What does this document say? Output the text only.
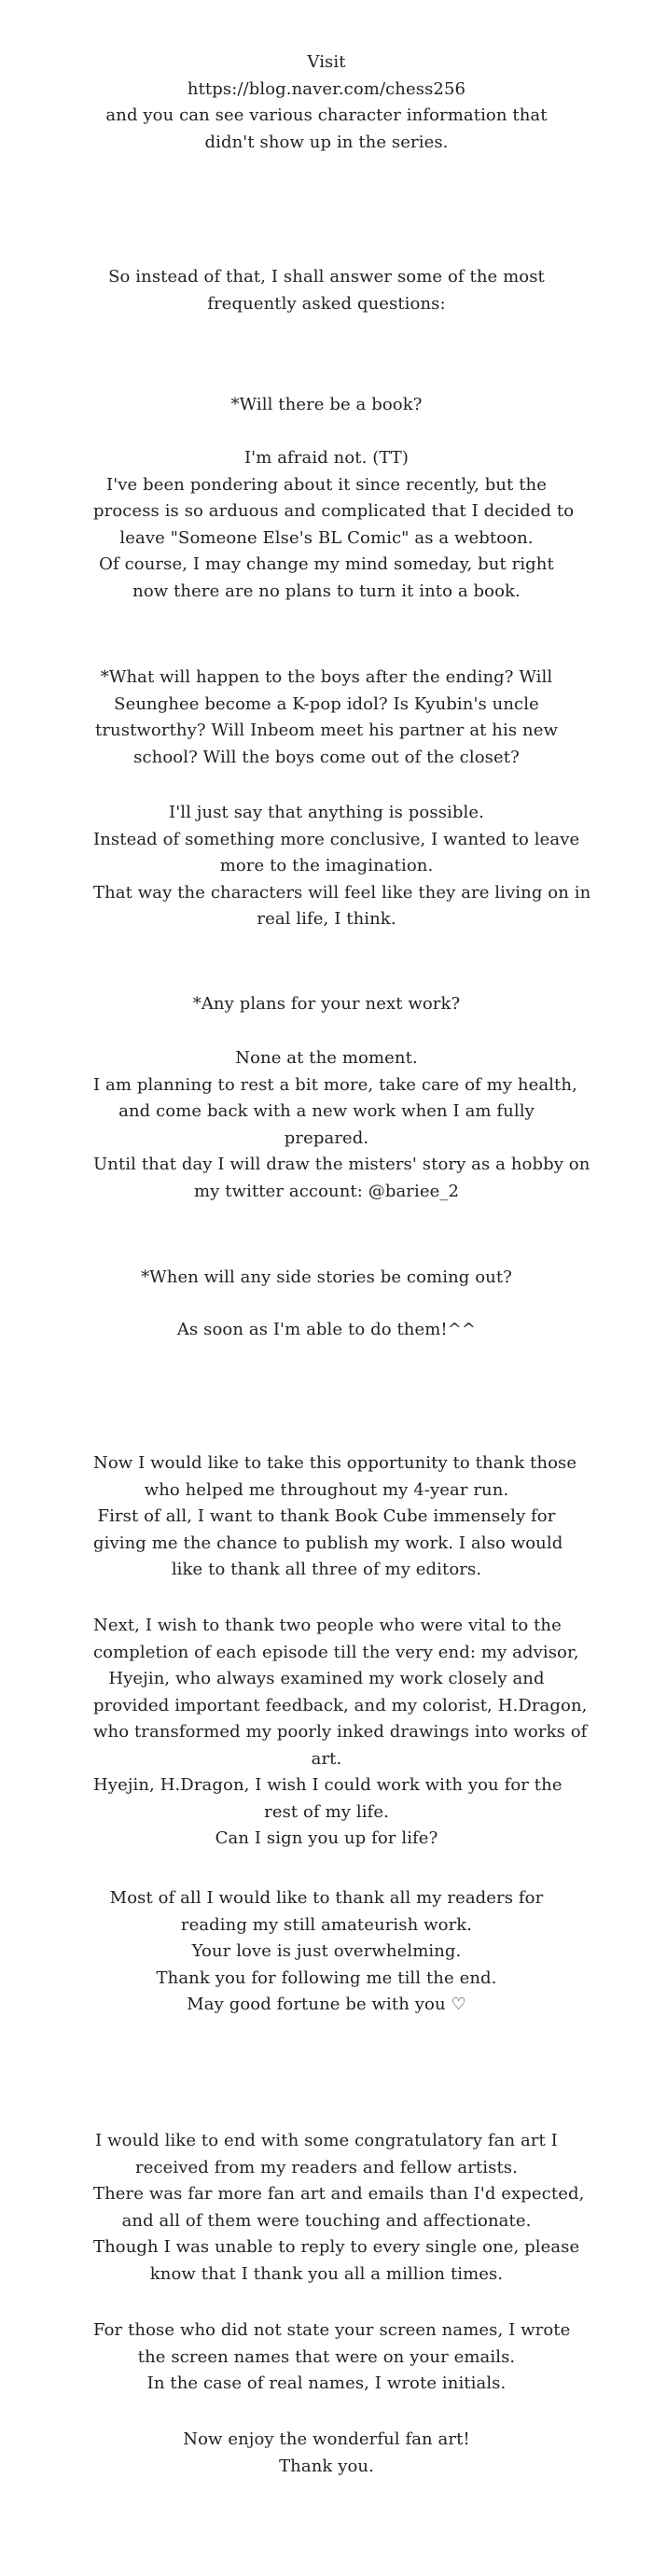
Visit
https://blog.naver.com/chess256
and you can see various character information that
didn't show up in the series.
So instead of that, I shall answer some of the most
frequently asked questions:
*Will there be a book?
I'm afraid not. (TT)
I've been pondering about it since recently, but the
process is so arduous and complicated that I decided to
leave "Someone Else's BL Comic" as a webtoon.
Of course, I may change my mind someday, but right
now there are no plans to turn it into a book.
*What will happen to the boys after the ending? Will
Seunghee become a K-pop idol? Is Kyubin's uncle
trustworthy? Will Inbeom meet his partner at his new
school? Will the boys come out of the closet?
I'll just say that anything is possible.
Instead of something more conclusive, I wanted to leave
more to the imagination.
That way the characters will feel like they are living on in
real life, I think.
*Any plans for your next work?
None at the moment.
I am planning to rest a bit more, take care of my health,
and come back with a new work when I am fully
prepared.
Until that day I will draw the misters' story as a hobby on
my twitter account: @bariee_2
*When will any side stories be coming out?
As soon as I'm able to do them!^^
Now I would like to take this opportunity to thank those
who helped me throughout my 4-year run.
First of all, I want to thank Book Cube immensely for
giving me the chance to publish my work. I also would
like to thank all three of my editors.
Next, I wish to thank two people who were vital to the
completion of each episode till the very end: my advisor,
Hyejin, who always examined my work closely and
provided important feedback, and my colorist, H.Dragon,
who transformed my poorly inked drawings into works of
art.
Hyejin, H.Dragon, I wish I could work with you for the
rest of my life.
Can I sign you up for life?
Most of all I would like to thank all my readers for
reading my still amateurish work.
Your love is just overwhelming.
Thank you for following me till the end.
May good fortune be with you ♡
I would like to end with some congratulatory fan art I
received from my readers and fellow artists.
There was far more fan art and emails than I'd expected,
and all of them were touching and affectionate.
Though I was unable to reply to every single one, please
know that I thank you all a million times.
For those who did not state your screen names, I wrote
the screen names that were on your emails.
In the case of real names, I wrote initials.
Now enjoy the wonderful fan art!
Thank you.
